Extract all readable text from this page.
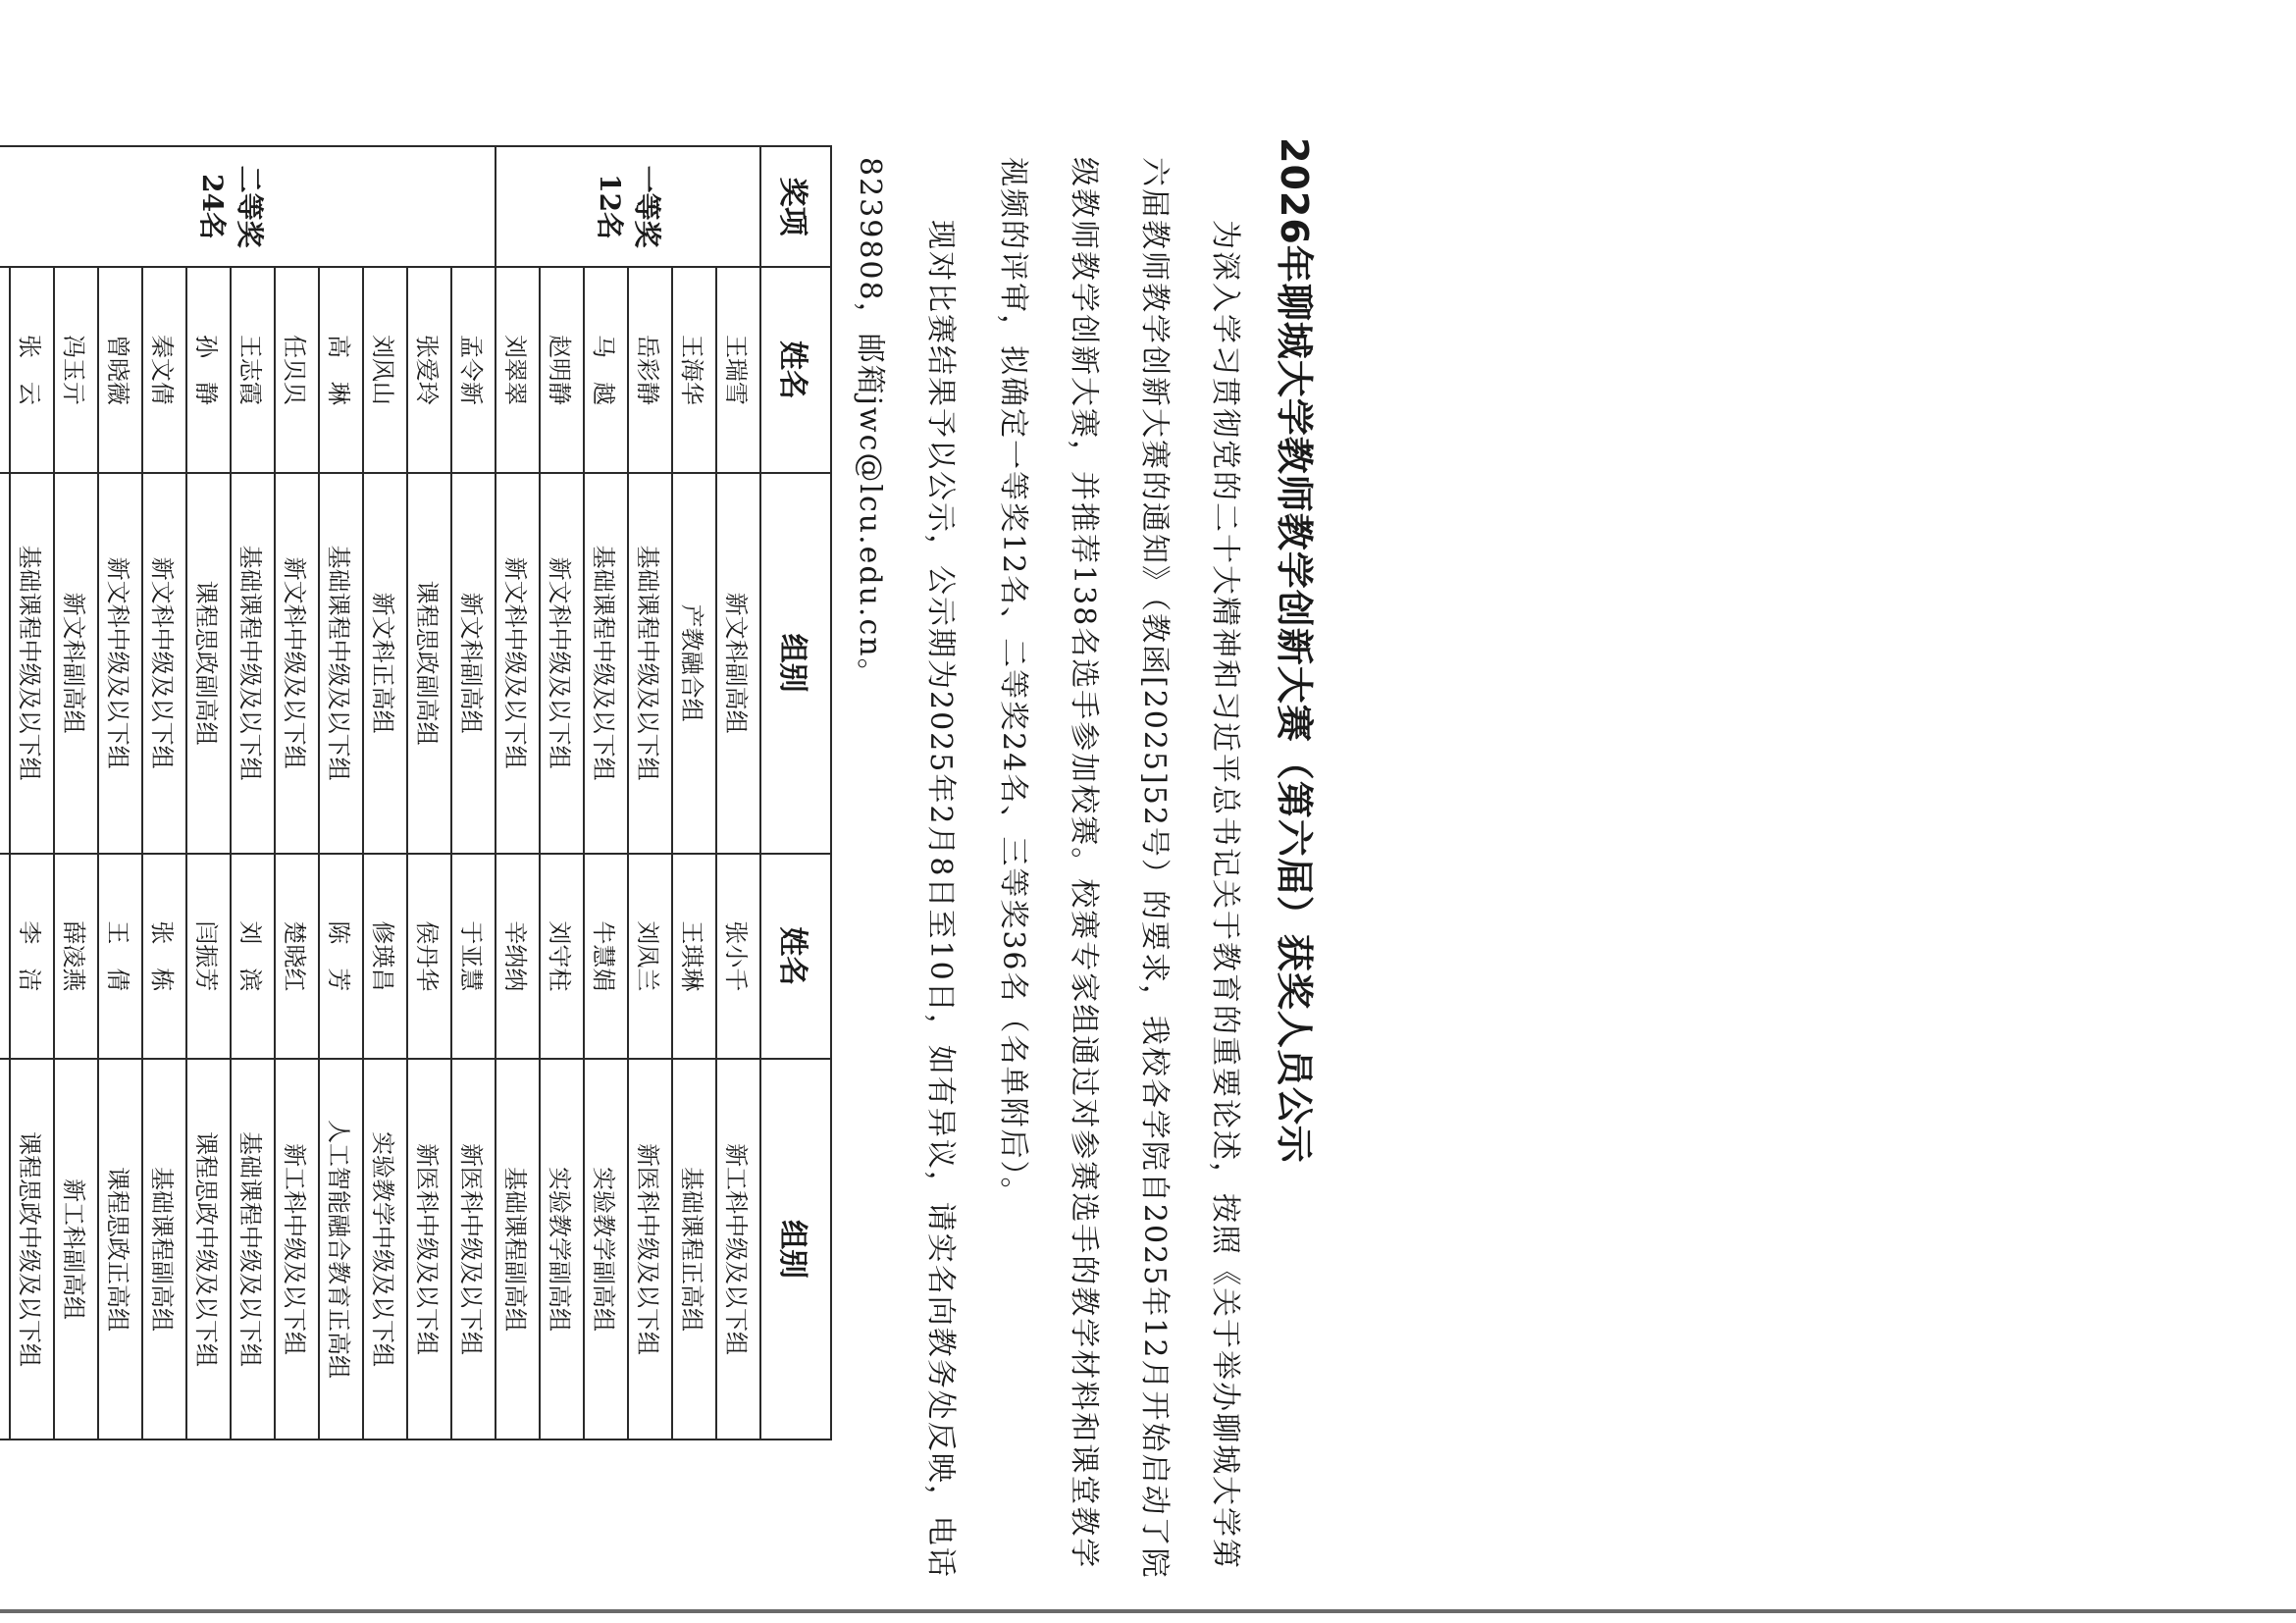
2026年聊城大学教师教学创新大赛（第六届）获奖人员公示

为深入学习贯彻党的二十大精神和习近平总书记关于教育的重要论述，按照《关于举办聊城大学第六届教师教学创新大赛的通知》（教函[2025]52号）的要求，我校各学院自2025年12月开始启动了院级教师教学创新大赛，并推荐138名选手参加校赛。校赛专家组通过对参赛选手的教学材料和课堂教学视频的评审，拟确定一等奖12名、二等奖24名、三等奖36名（名单附后）。

现对比赛结果予以公示，公示期为2025年2月8日至10日，如有异议，请实名向教务处反映，电话8239808，邮箱jwc@lcu.edu.cn。

奖项	姓名	组别	姓名	组别

一等奖
12名	王瑞雪	新文科副高组	张小千	新工科中级及以下组
	王海华	产教融合组	王琪琳	基础课程正高组
	岳彩静	基础课程中级及以下组	刘凤兰	新医科中级及以下组
	马　越	基础课程中级及以下组	牛慧娟	实验教学副高组
	赵明静	新文科中级及以下组	刘守柱	实验教学副高组
	刘翠翠	新文科中级及以下组	辛纳纳	基础课程副高组

二等奖
24名	孟令新	新文科副高组	于亚慧	新医科中级及以下组
	张爱玲	课程思政副高组	侯丹华	新医科中级及以下组
	刘风山	新文科正高组	修瑛昌	实验教学中级及以下组
	高　琳	基础课程中级及以下组	陈　芳	人工智能融合教育正高组
	任贝贝	新文科中级及以下组	楚晓红	新工科中级及以下组
	王志霞	基础课程中级及以下组	刘　滨	基础课程中级及以下组
	孙　静	课程思政副高组	闫振芳	课程思政中级及以下组
	秦文倩	新文科中级及以下组	张　栋	基础课程副高组
	曾晓薇	新文科中级及以下组	王　倩	课程思政正高组
	冯玉亓	新文科副高组	薛凌燕	新工科副高组
	张　云	基础课程中级及以下组	李　洁	课程思政中级及以下组
